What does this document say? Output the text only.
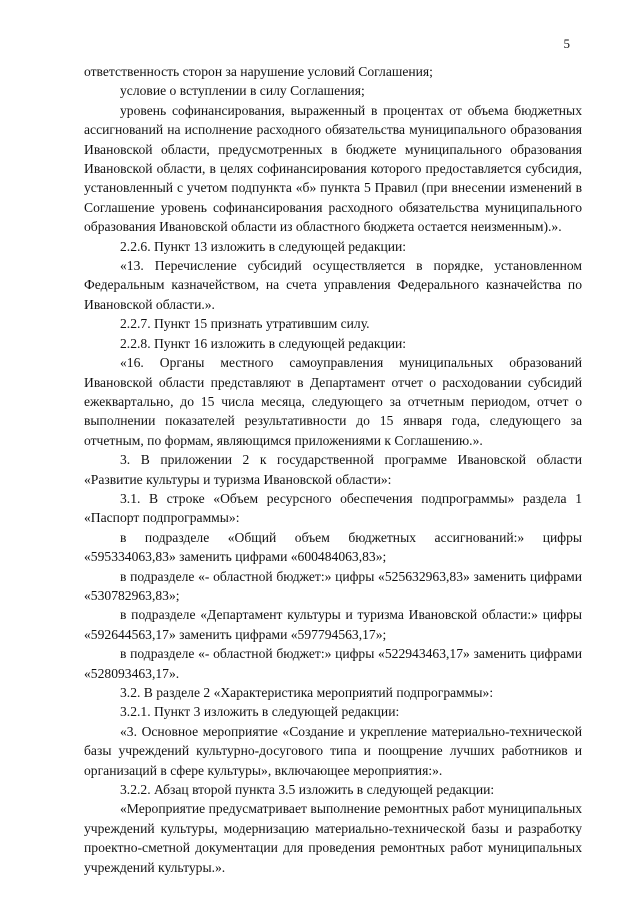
5

ответственность сторон за нарушение условий Соглашения;

условие о вступлении в силу Соглашения;

уровень софинансирования, выраженный в процентах от объема бюджетных ассигнований на исполнение расходного обязательства муниципального образования Ивановской области, предусмотренных в бюджете муниципального образования Ивановской области, в целях софинансирования которого предоставляется субсидия, установленный с учетом подпункта «б» пункта 5 Правил (при внесении изменений в Соглашение уровень софинансирования расходного обязательства муниципального образования Ивановской области из областного бюджета остается неизменным).».

2.2.6. Пункт 13 изложить в следующей редакции:

«13. Перечисление субсидий осуществляется в порядке, установленном Федеральным казначейством, на счета управления Федерального казначейства по Ивановской области.».

2.2.7. Пункт 15 признать утратившим силу.

2.2.8. Пункт 16 изложить в следующей редакции:

«16. Органы местного самоуправления муниципальных образований Ивановской области представляют в Департамент отчет о расходовании субсидий ежеквартально, до 15 числа месяца, следующего за отчетным периодом, отчет о выполнении показателей результативности до 15 января года, следующего за отчетным, по формам, являющимся приложениями к Соглашению.».

3. В приложении 2 к государственной программе Ивановской области «Развитие культуры и туризма Ивановской области»:

3.1. В строке «Объем ресурсного обеспечения подпрограммы» раздела 1 «Паспорт подпрограммы»:

в подразделе «Общий объем бюджетных ассигнований:» цифры «595334063,83» заменить цифрами «600484063,83»;

в подразделе «- областной бюджет:» цифры «525632963,83» заменить цифрами «530782963,83»;

в подразделе «Департамент культуры и туризма Ивановской области:» цифры «592644563,17» заменить цифрами «597794563,17»;

в подразделе «- областной бюджет:» цифры «522943463,17» заменить цифрами «528093463,17».

3.2. В разделе 2 «Характеристика мероприятий подпрограммы»:

3.2.1. Пункт 3 изложить в следующей редакции:

«3. Основное мероприятие «Создание и укрепление материально-технической базы учреждений культурно-досугового типа и поощрение лучших работников и организаций в сфере культуры», включающее мероприятия:».

3.2.2. Абзац второй пункта 3.5 изложить в следующей редакции:

«Мероприятие предусматривает выполнение ремонтных работ муниципальных учреждений культуры, модернизацию материально-технической базы и разработку проектно-сметной документации для проведения ремонтных работ муниципальных учреждений культуры.».
